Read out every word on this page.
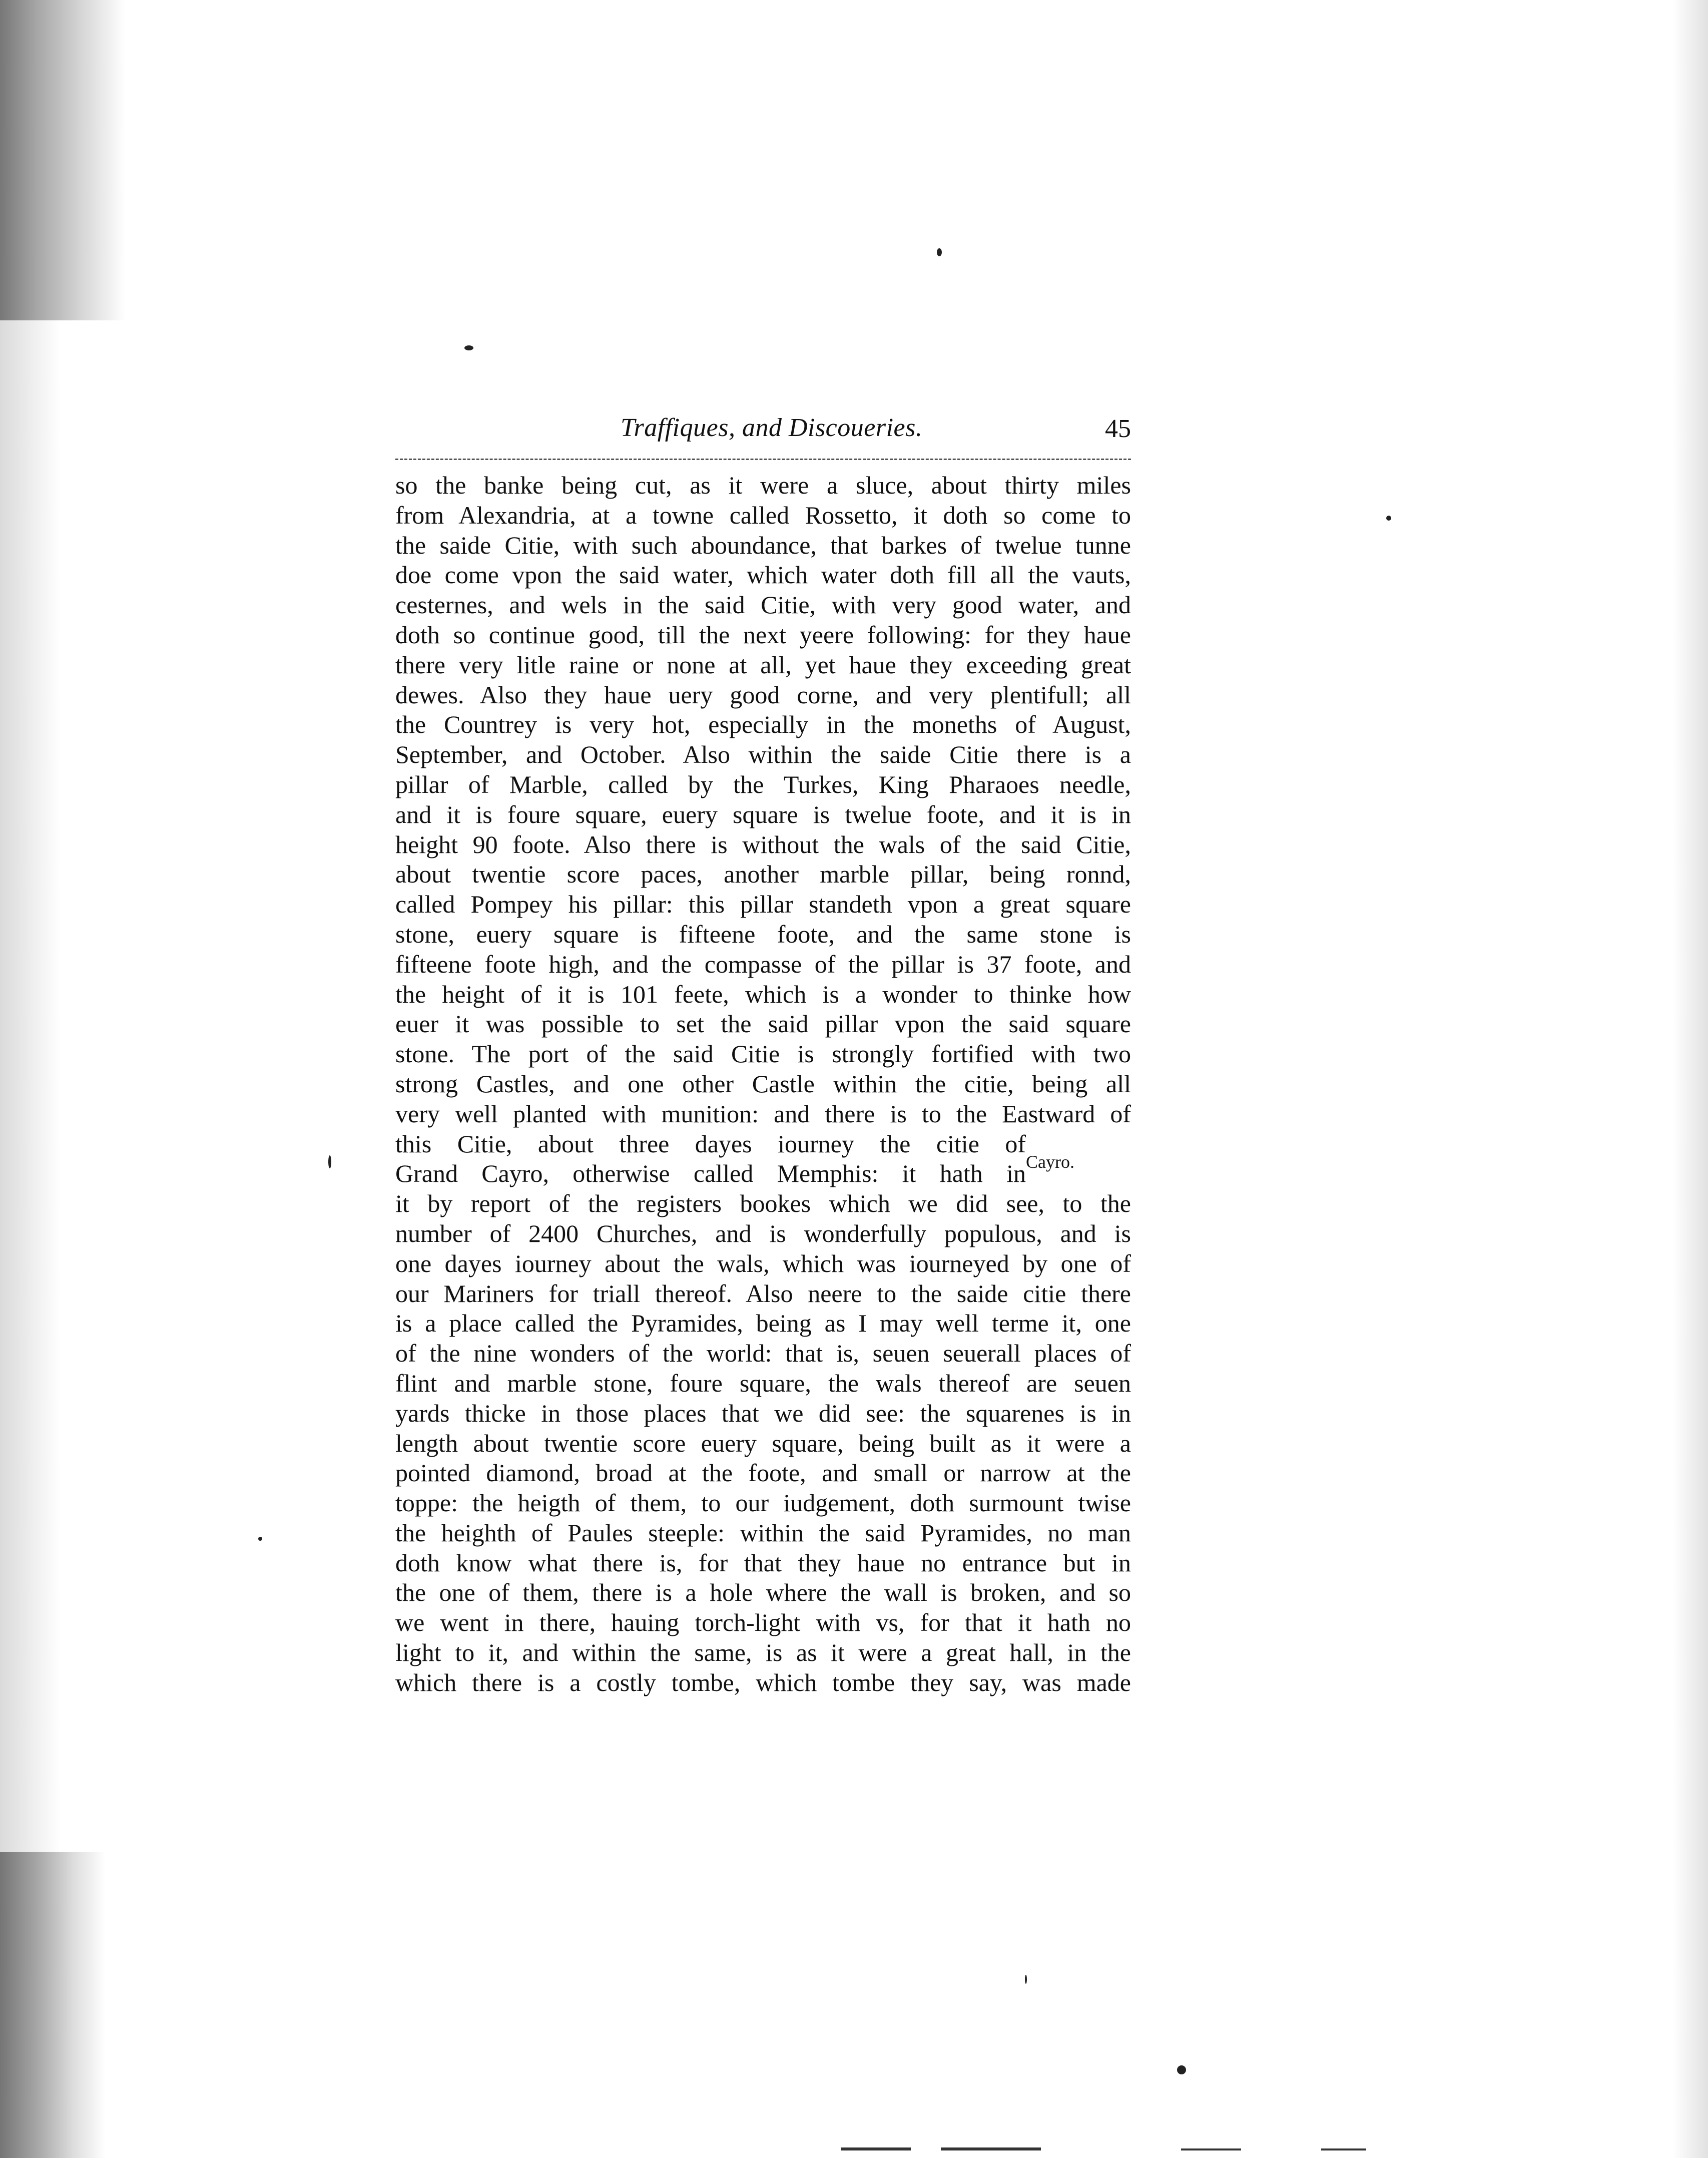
Traffiques, and Discoueries.	45
so the banke being cut, as it were a sluce, about thirty miles
from Alexandria, at a towne called Rossetto, it doth so come to
the saide Citie, with such aboundance, that barkes of twelue tunne
doe come vpon the said water, which water doth fill all the vauts,
cesternes, and wels in the said Citie, with very good water, and
doth so continue good, till the next yeere following: for they haue
there very litle raine or none at all, yet haue they exceeding great
dewes. Also they haue uery good corne, and very plentifull; all
the Countrey is very hot, especially in the moneths of August,
September, and October. Also within the saide Citie there is a
pillar of Marble, called by the Turkes, King Pharaoes needle,
and it is foure square, euery square is twelue foote, and it is in
height 90 foote. Also there is without the wals of the said Citie,
about twentie score paces, another marble pillar, being ronnd,
called Pompey his pillar: this pillar standeth vpon a great square
stone, euery square is fifteene foote, and the same stone is
fifteene foote high, and the compasse of the pillar is 37 foote, and
the height of it is 101 feete, which is a wonder to thinke how
euer it was possible to set the said pillar vpon the said square
stone. The port of the said Citie is strongly fortified with two
strong Castles, and one other Castle within the citie, being all
very well planted with munition: and there is to the Eastward of
this Citie, about three dayes iourney the citie of
Grand Cayro, otherwise called Memphis: it hath in
it by report of the registers bookes which we did see, to the
number of 2400 Churches, and is wonderfully populous, and is
one dayes iourney about the wals, which was iourneyed by one of
our Mariners for triall thereof. Also neere to the saide citie there
is a place called the Pyramides, being as I may well terme it, one
of the nine wonders of the world: that is, seuen seuerall places of
flint and marble stone, foure square, the wals thereof are seuen
yards thicke in those places that we did see: the squarenes is in
length about twentie score euery square, being built as it were a
pointed diamond, broad at the foote, and small or narrow at the
toppe: the heigth of them, to our iudgement, doth surmount twise
the heighth of Paules steeple: within the said Pyramides, no man
doth know what there is, for that they haue no entrance but in
the one of them, there is a hole where the wall is broken, and so
we went in there, hauing torch-light with vs, for that it hath no
light to it, and within the same, is as it were a great hall, in the
which there is a costly tombe, which tombe they say, was made
Cayro.
